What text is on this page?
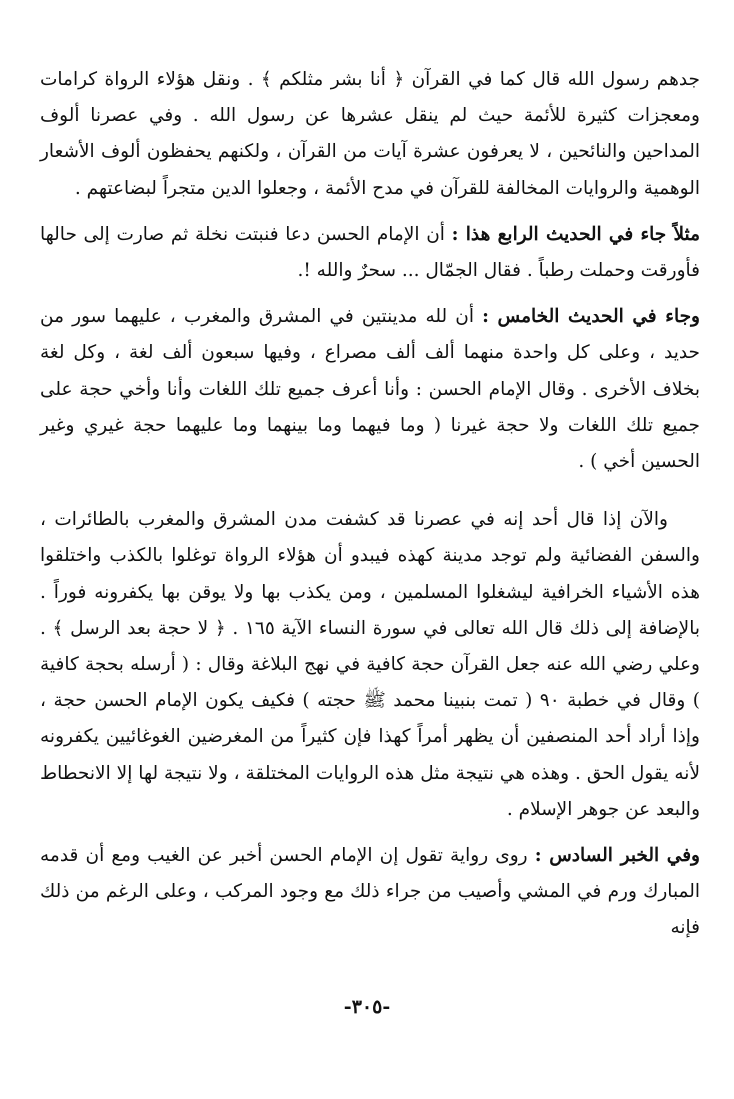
جدهم رسول الله قال كما في القرآن ﴿ أنا بشر مثلكم ﴾ . ونقل هؤلاء الرواة كرامات ومعجزات كثيرة للأئمة حيث لم ينقل عشرها عن رسول الله . وفي عصرنا ألوف المداحين والنائحين ، لا يعرفون عشرة آيات من القرآن ، ولكنهم يحفظون ألوف الأشعار الوهمية والروايات المخالفة للقرآن في مدح الأئمة ، وجعلوا الدين متجراً لبضاعتهم .

مثلاً جاء في الحديث الرابع هذا : أن الإمام الحسن دعا فنبتت نخلة ثم صارت إلى حالها فأورقت وحملت رطباً . فقال الجمّال ... سحرٌ والله !.

وجاء في الحديث الخامس : أن لله مدينتين في المشرق والمغرب ، عليهما سور من حديد ، وعلى كل واحدة منهما ألف ألف مصراع ، وفيها سبعون ألف لغة ، وكل لغة بخلاف الأخرى . وقال الإمام الحسن : وأنا أعرف جميع تلك اللغات وأنا وأخي حجة على جميع تلك اللغات ولا حجة غيرنا ( وما فيهما وما بينهما وما عليهما حجة غيري وغير الحسين أخي ) .

والآن إذا قال أحد إنه في عصرنا قد كشفت مدن المشرق والمغرب بالطائرات ، والسفن الفضائية ولم توجد مدينة كهذه فيبدو أن هؤلاء الرواة توغلوا بالكذب واختلقوا هذه الأشياء الخرافية ليشغلوا المسلمين ، ومن يكذب بها ولا يوقن بها يكفرونه فوراً . بالإضافة إلى ذلك قال الله تعالى في سورة النساء الآية ١٦٥ . ﴿ لا حجة بعد الرسل ﴾ . وعلي رضي الله عنه جعل القرآن حجة كافية في نهج البلاغة وقال : ( أرسله بحجة كافية ) وقال في خطبة ٩٠ ( تمت بنبينا محمد ﷺ حجته ) فكيف يكون الإمام الحسن حجة ، وإذا أراد أحد المنصفين أن يظهر أمراً كهذا فإن كثيراً من المغرضين الغوغائيين يكفرونه لأنه يقول الحق . وهذه هي نتيجة مثل هذه الروايات المختلقة ، ولا نتيجة لها إلا الانحطاط والبعد عن جوهر الإسلام .

وفي الخبر السادس : روى رواية تقول إن الإمام الحسن أخبر عن الغيب ومع أن قدمه المبارك ورم في المشي وأصيب من جراء ذلك مع وجود المركب ، وعلى الرغم من ذلك فإنه

-٣٠٥-
